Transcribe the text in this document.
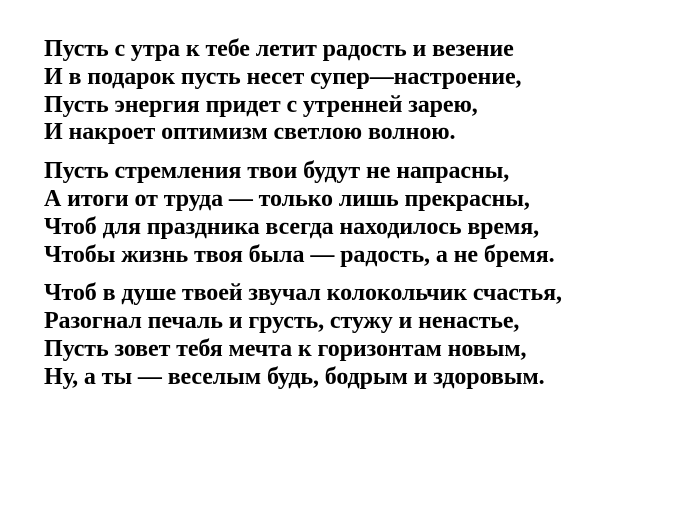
Пусть с утра к тебе летит радость и везение
И в подарок пусть несет супер—настроение,
Пусть энергия придет с утренней зарею,
И накроет оптимизм светлою волною.
Пусть стремления твои будут не напрасны,
А итоги от труда — только лишь прекрасны,
Чтоб для праздника всегда находилось время,
Чтобы жизнь твоя была — радость, а не бремя.
Чтоб в душе твоей звучал колокольчик счастья,
Разогнал печаль и грусть, стужу и ненастье,
Пусть зовет тебя мечта к горизонтам новым,
Ну, а ты — веселым будь, бодрым и здоровым.
